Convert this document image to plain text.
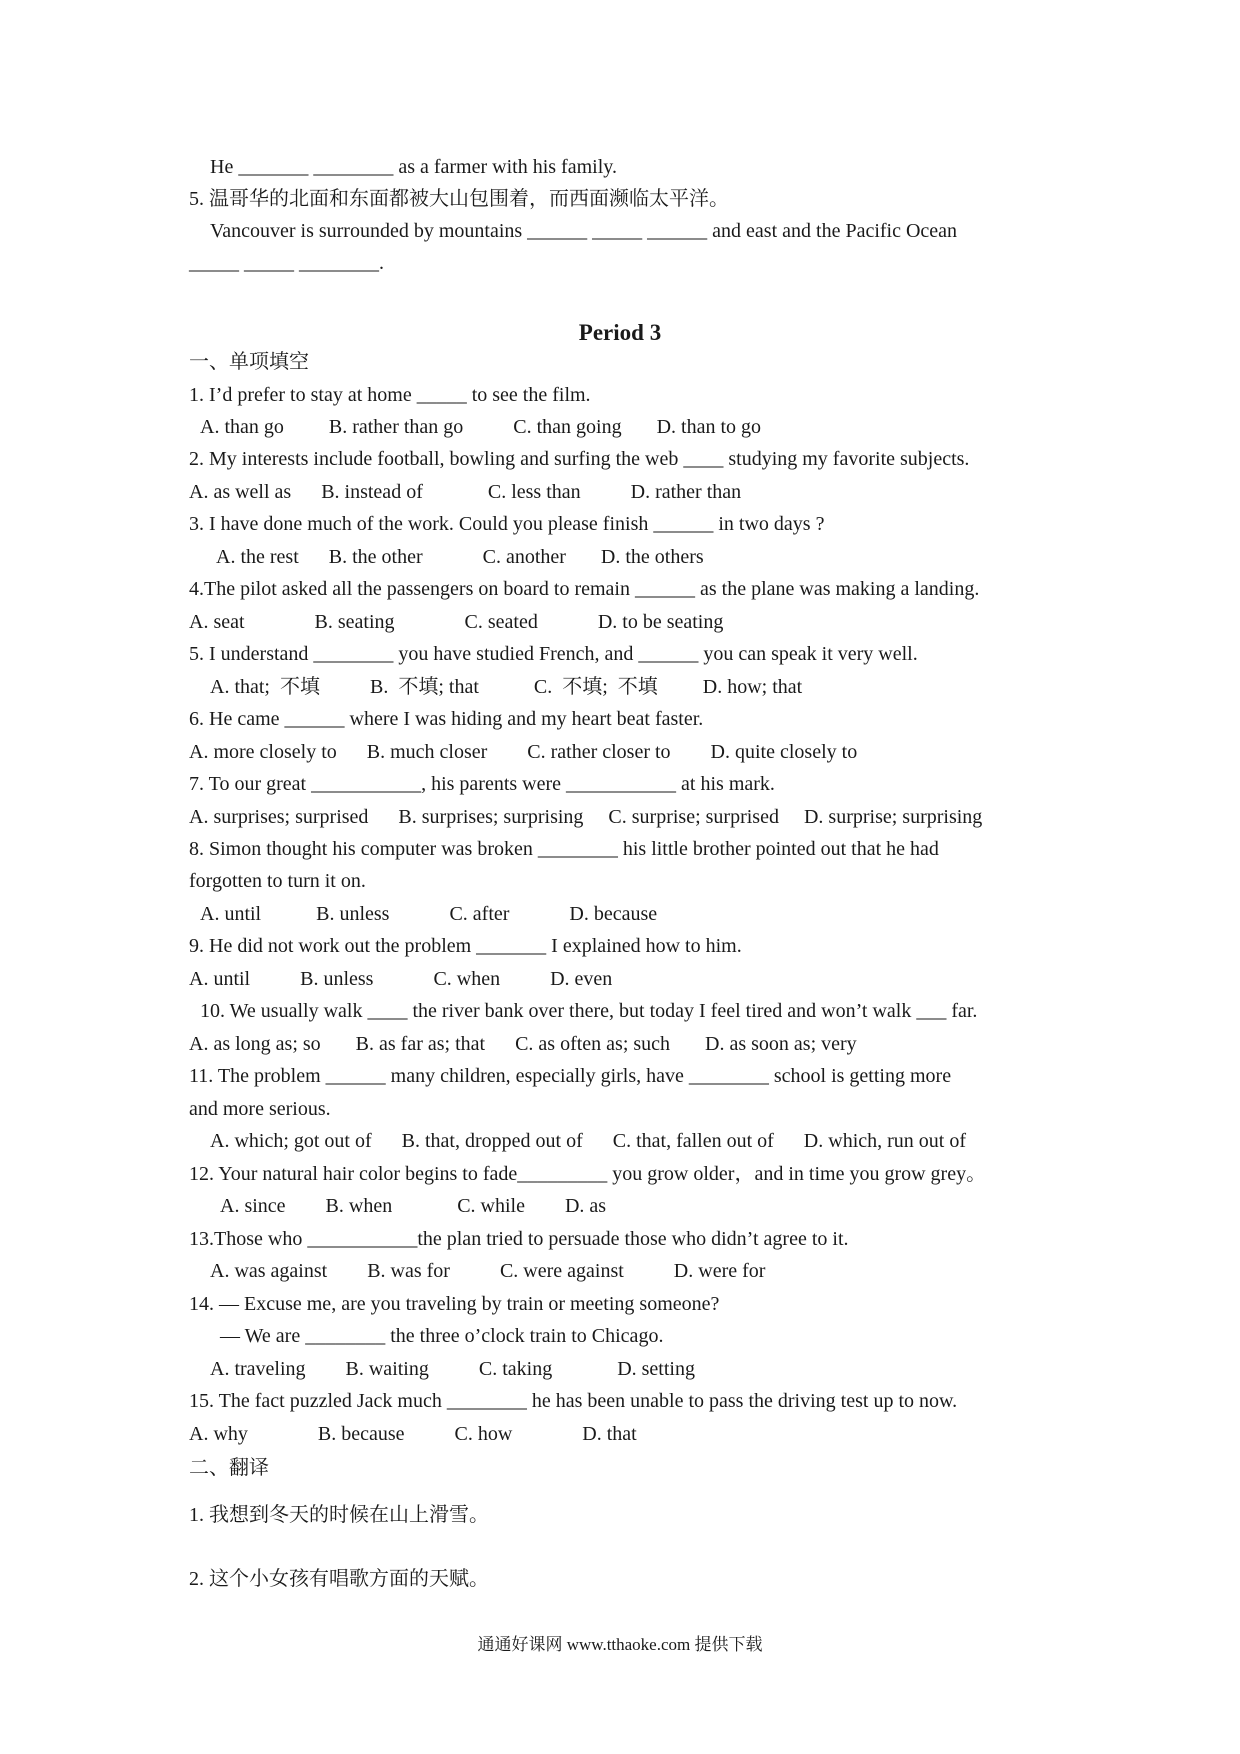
He _______ ________ as a farmer with his family.
5. 温哥华的北面和东面都被大山包围着，而西面濒临太平洋。
Vancouver is surrounded by mountains ______ _____ ______ and east and the Pacific Ocean
_____ _____ ________.
Period 3
一、单项填空
1. I’d prefer to stay at home _____ to see the film.
A. than go         B. rather than go          C. than going       D. than to go
2. My interests include football, bowling and surfing the web ____ studying my favorite subjects.
A. as well as      B. instead of             C. less than          D. rather than
3. I have done much of the work. Could you please finish ______ in two days ?
A. the rest      B. the other            C. another       D. the others
4.The pilot asked all the passengers on board to remain ______ as the plane was making a landing.
A. seat              B. seating              C. seated            D. to be seating
5. I understand ________ you have studied French, and ______ you can speak it very well.
A. that;  不填          B.  不填; that           C.  不填;  不填         D. how; that
6. He came ______ where I was hiding and my heart beat faster.
A. more closely to      B. much closer        C. rather closer to        D. quite closely to
7. To our great ___________, his parents were ___________ at his mark.
A. surprises; surprised      B. surprises; surprising     C. surprise; surprised     D. surprise; surprising
8. Simon thought his computer was broken ________ his little brother pointed out that he had
forgotten to turn it on.
A. until           B. unless            C. after            D. because
9. He did not work out the problem _______ I explained how to him.
A. until          B. unless            C. when          D. even
10. We usually walk ____ the river bank over there, but today I feel tired and won’t walk ___ far.
A. as long as; so       B. as far as; that      C. as often as; such       D. as soon as; very
11. The problem ______ many children, especially girls, have ________ school is getting more
and more serious.
A. which; got out of      B. that, dropped out of      C. that, fallen out of      D. which, run out of
12. Your natural hair color begins to fade_________ you grow older，and in time you grow grey。
A. since        B. when             C. while        D. as
13.Those who ___________the plan tried to persuade those who didn’t agree to it.
A. was against        B. was for          C. were against          D. were for
14. — Excuse me, are you traveling by train or meeting someone?
— We are ________ the three o’clock train to Chicago.
A. traveling        B. waiting          C. taking             D. setting
15. The fact puzzled Jack much ________ he has been unable to pass the driving test up to now.
A. why              B. because          C. how              D. that
二、翻译
1. 我想到冬天的时候在山上滑雪。
2. 这个小女孩有唱歌方面的天赋。
通通好课网 www.tthaoke.com 提供下载
